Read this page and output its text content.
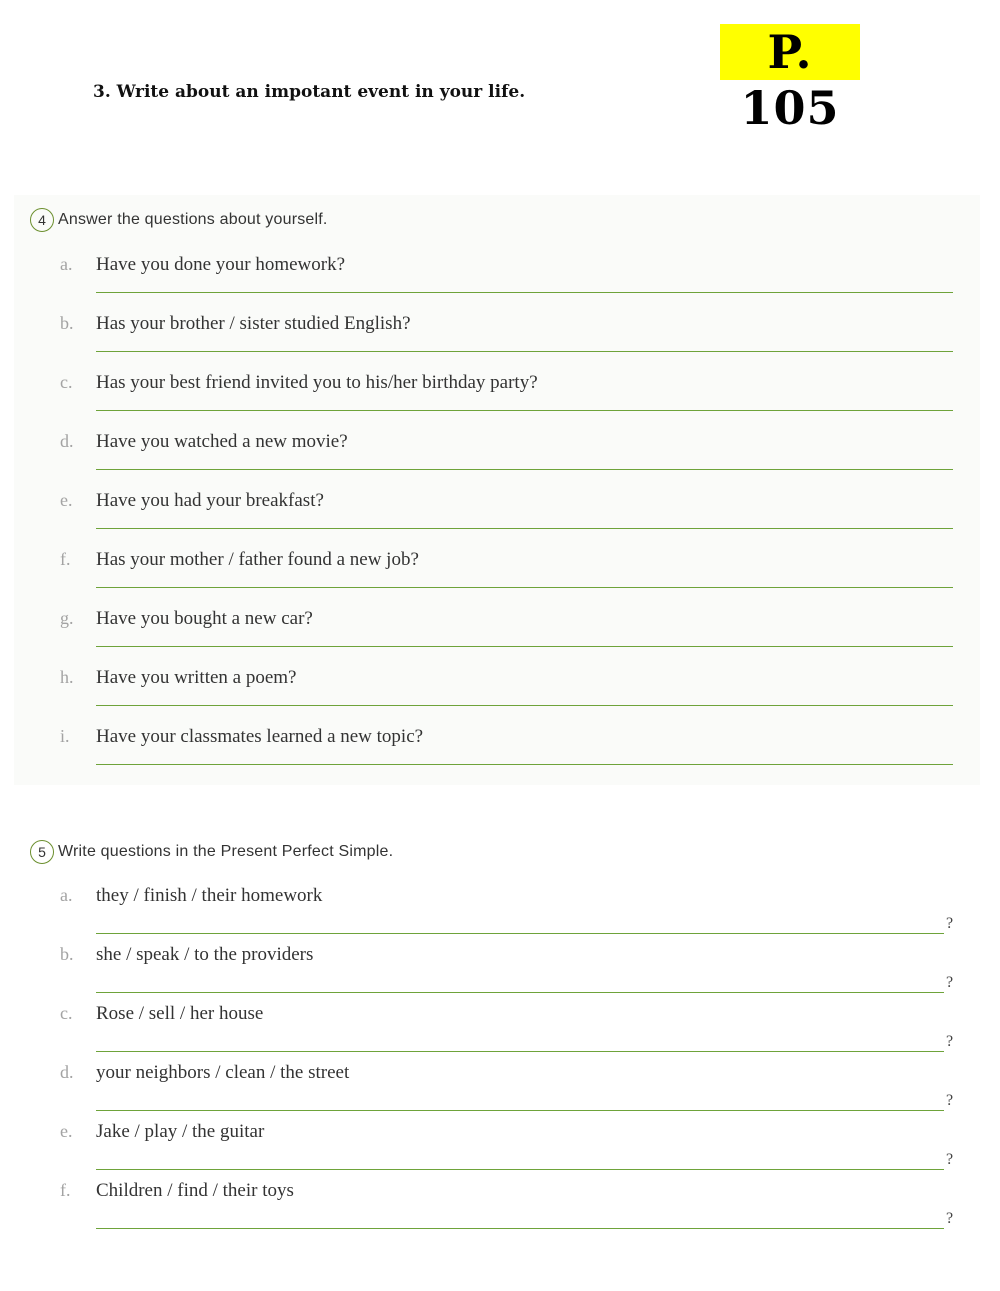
P. 105
3. Write about an impotant event in your life.
4 Answer the questions about yourself.
a.	Have you done your homework?
b.	Has your brother / sister studied English?
c.	Has your best friend invited you to his/her birthday party?
d.	Have you watched a new movie?
e.	Have you had your breakfast?
f.	Has your mother / father found a new job?
g.	Have you bought a new car?
h.	Have you written a poem?
i.	Have your classmates learned a new topic?
5 Write questions in the Present Perfect Simple.
a.	they / finish / their homework
?
b.	she / speak / to the providers
?
c.	Rose / sell / her house
?
d.	your neighbors / clean / the street
?
e.	Jake / play / the guitar
?
f.	Children / find / their toys
?
